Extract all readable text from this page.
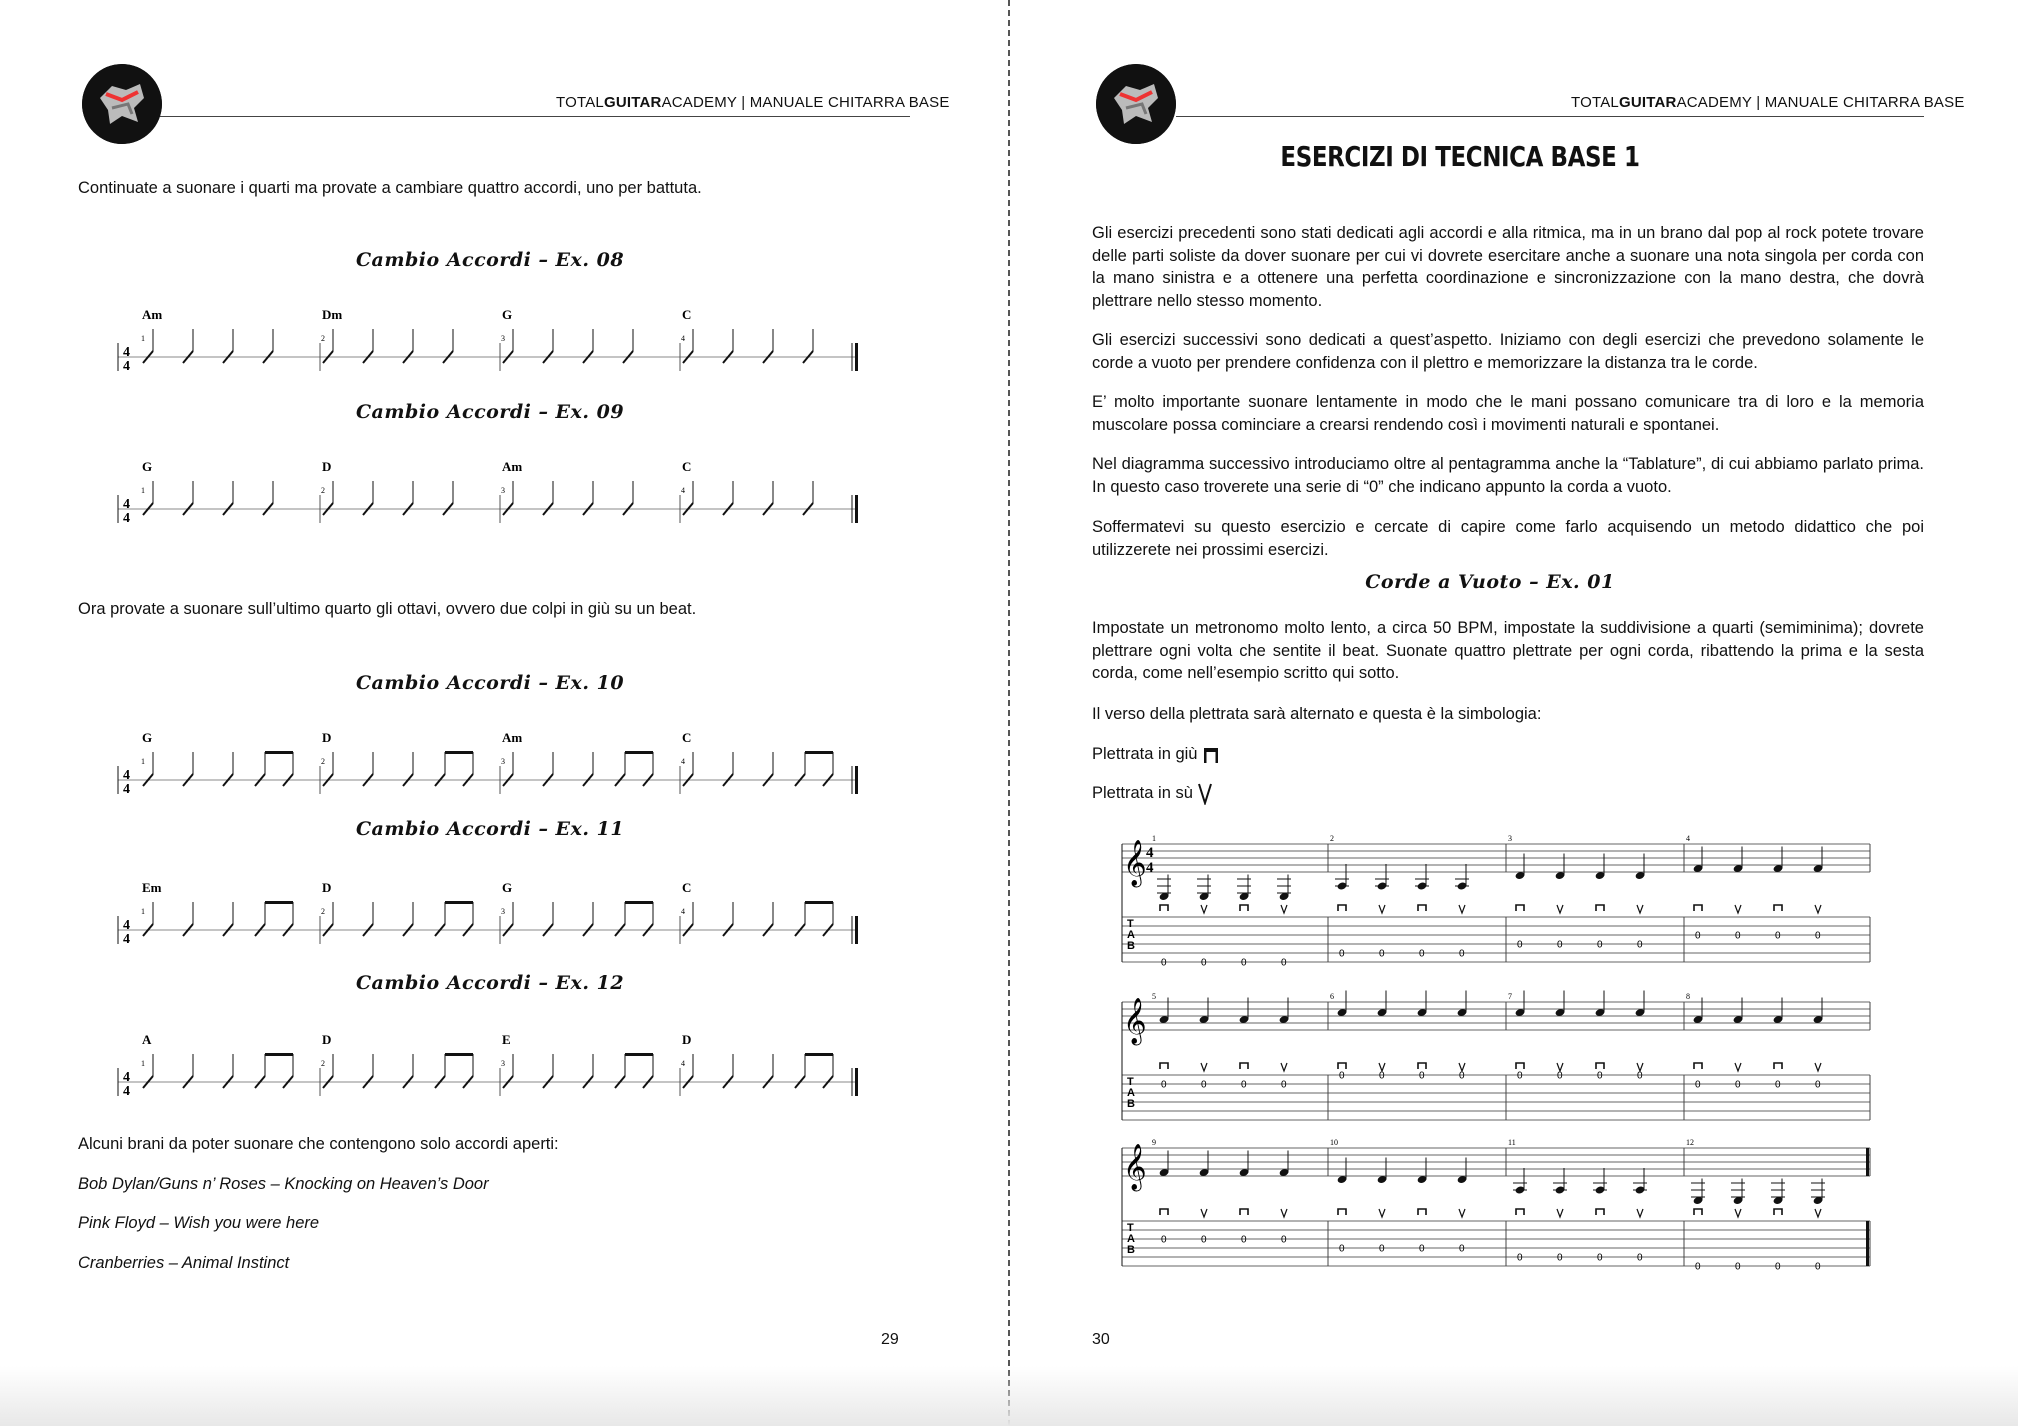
TOTALGUITARACADEMY | MANUALE CHITARRA BASE
Continuate a suonare i quarti ma provate a cambiare quattro accordi, uno per battuta.
Cambio Accordi – Ex. 08
4
4
1
Am
2
Dm
3
G
4
C
Cambio Accordi – Ex. 09
4
4
1
G
2
D
3
Am
4
C
Ora provate a suonare sull’ultimo quarto gli ottavi, ovvero due colpi in giù su un beat.
Cambio Accordi – Ex. 10
4
4
1
G
2
D
3
Am
4
C
Cambio Accordi – Ex. 11
4
4
1
Em
2
D
3
G
4
C
Cambio Accordi – Ex. 12
4
4
1
A
2
D
3
E
4
D
Alcuni brani da poter suonare che contengono solo accordi aperti:
Bob Dylan/Guns n’ Roses – Knocking on Heaven’s Door
Pink Floyd – Wish you were here
Cranberries – Animal Instinct
29
TOTALGUITARACADEMY | MANUALE CHITARRA BASE
ESERCIZI DI TECNICA BASE 1
Gli esercizi precedenti sono stati dedicati agli accordi e alla ritmica, ma in un brano dal pop al rock potete trovare delle parti soliste da dover suonare per cui vi dovrete esercitare anche a suonare una nota singola per corda con la mano sinistra e a ottenere una perfetta coordinazione e sincronizzazione con la mano destra, che dovrà plettrare nello stesso momento.
Gli esercizi successivi sono dedicati a quest’aspetto. Iniziamo con degli esercizi che prevedono solamente le corde a vuoto per prendere confidenza con il plettro e memorizzare la distanza tra le corde.
E’ molto importante suonare lentamente in modo che le mani possano comunicare tra di loro e la memoria muscolare possa cominciare a crearsi rendendo così i movimenti naturali e spontanei.
Nel diagramma successivo introduciamo oltre al pentagramma anche la “Tablature”, di cui abbiamo parlato prima. In questo caso troverete una serie di “0” che indicano appunto la corda a vuoto.
Soffermatevi su questo esercizio e cercate di capire come farlo acquisendo un metodo didattico che poi utilizzerete nei prossimi esercizi.
Corde a Vuoto – Ex. 01
Impostate un metronomo molto lento, a circa 50 BPM, impostate la suddivisione a quarti (semiminima); dovrete plettrare ogni volta che sentite il beat. Suonate quattro plettrate per ogni corda, ribattendo la prima e la sesta corda, come nell’esempio scritto qui sotto.
Il verso della plettrata sarà alternato e questa è la simbologia:
Plettrata in giù
Plettrata in sù
𝄞 4
4
T
A
B
1
0	0	0	0
2
0	0	0	0
3
0	0	0	0
4
0	0	0	0
𝄞
T
A
B
5
0	0	0	0
6
0	0	0	0
7
0	0	0	0
8
0	0	0	0
𝄞
T
A
B
9
0	0	0	0
10
0	0	0	0
11
0	0	0	0
12
0	0	0	0
30
